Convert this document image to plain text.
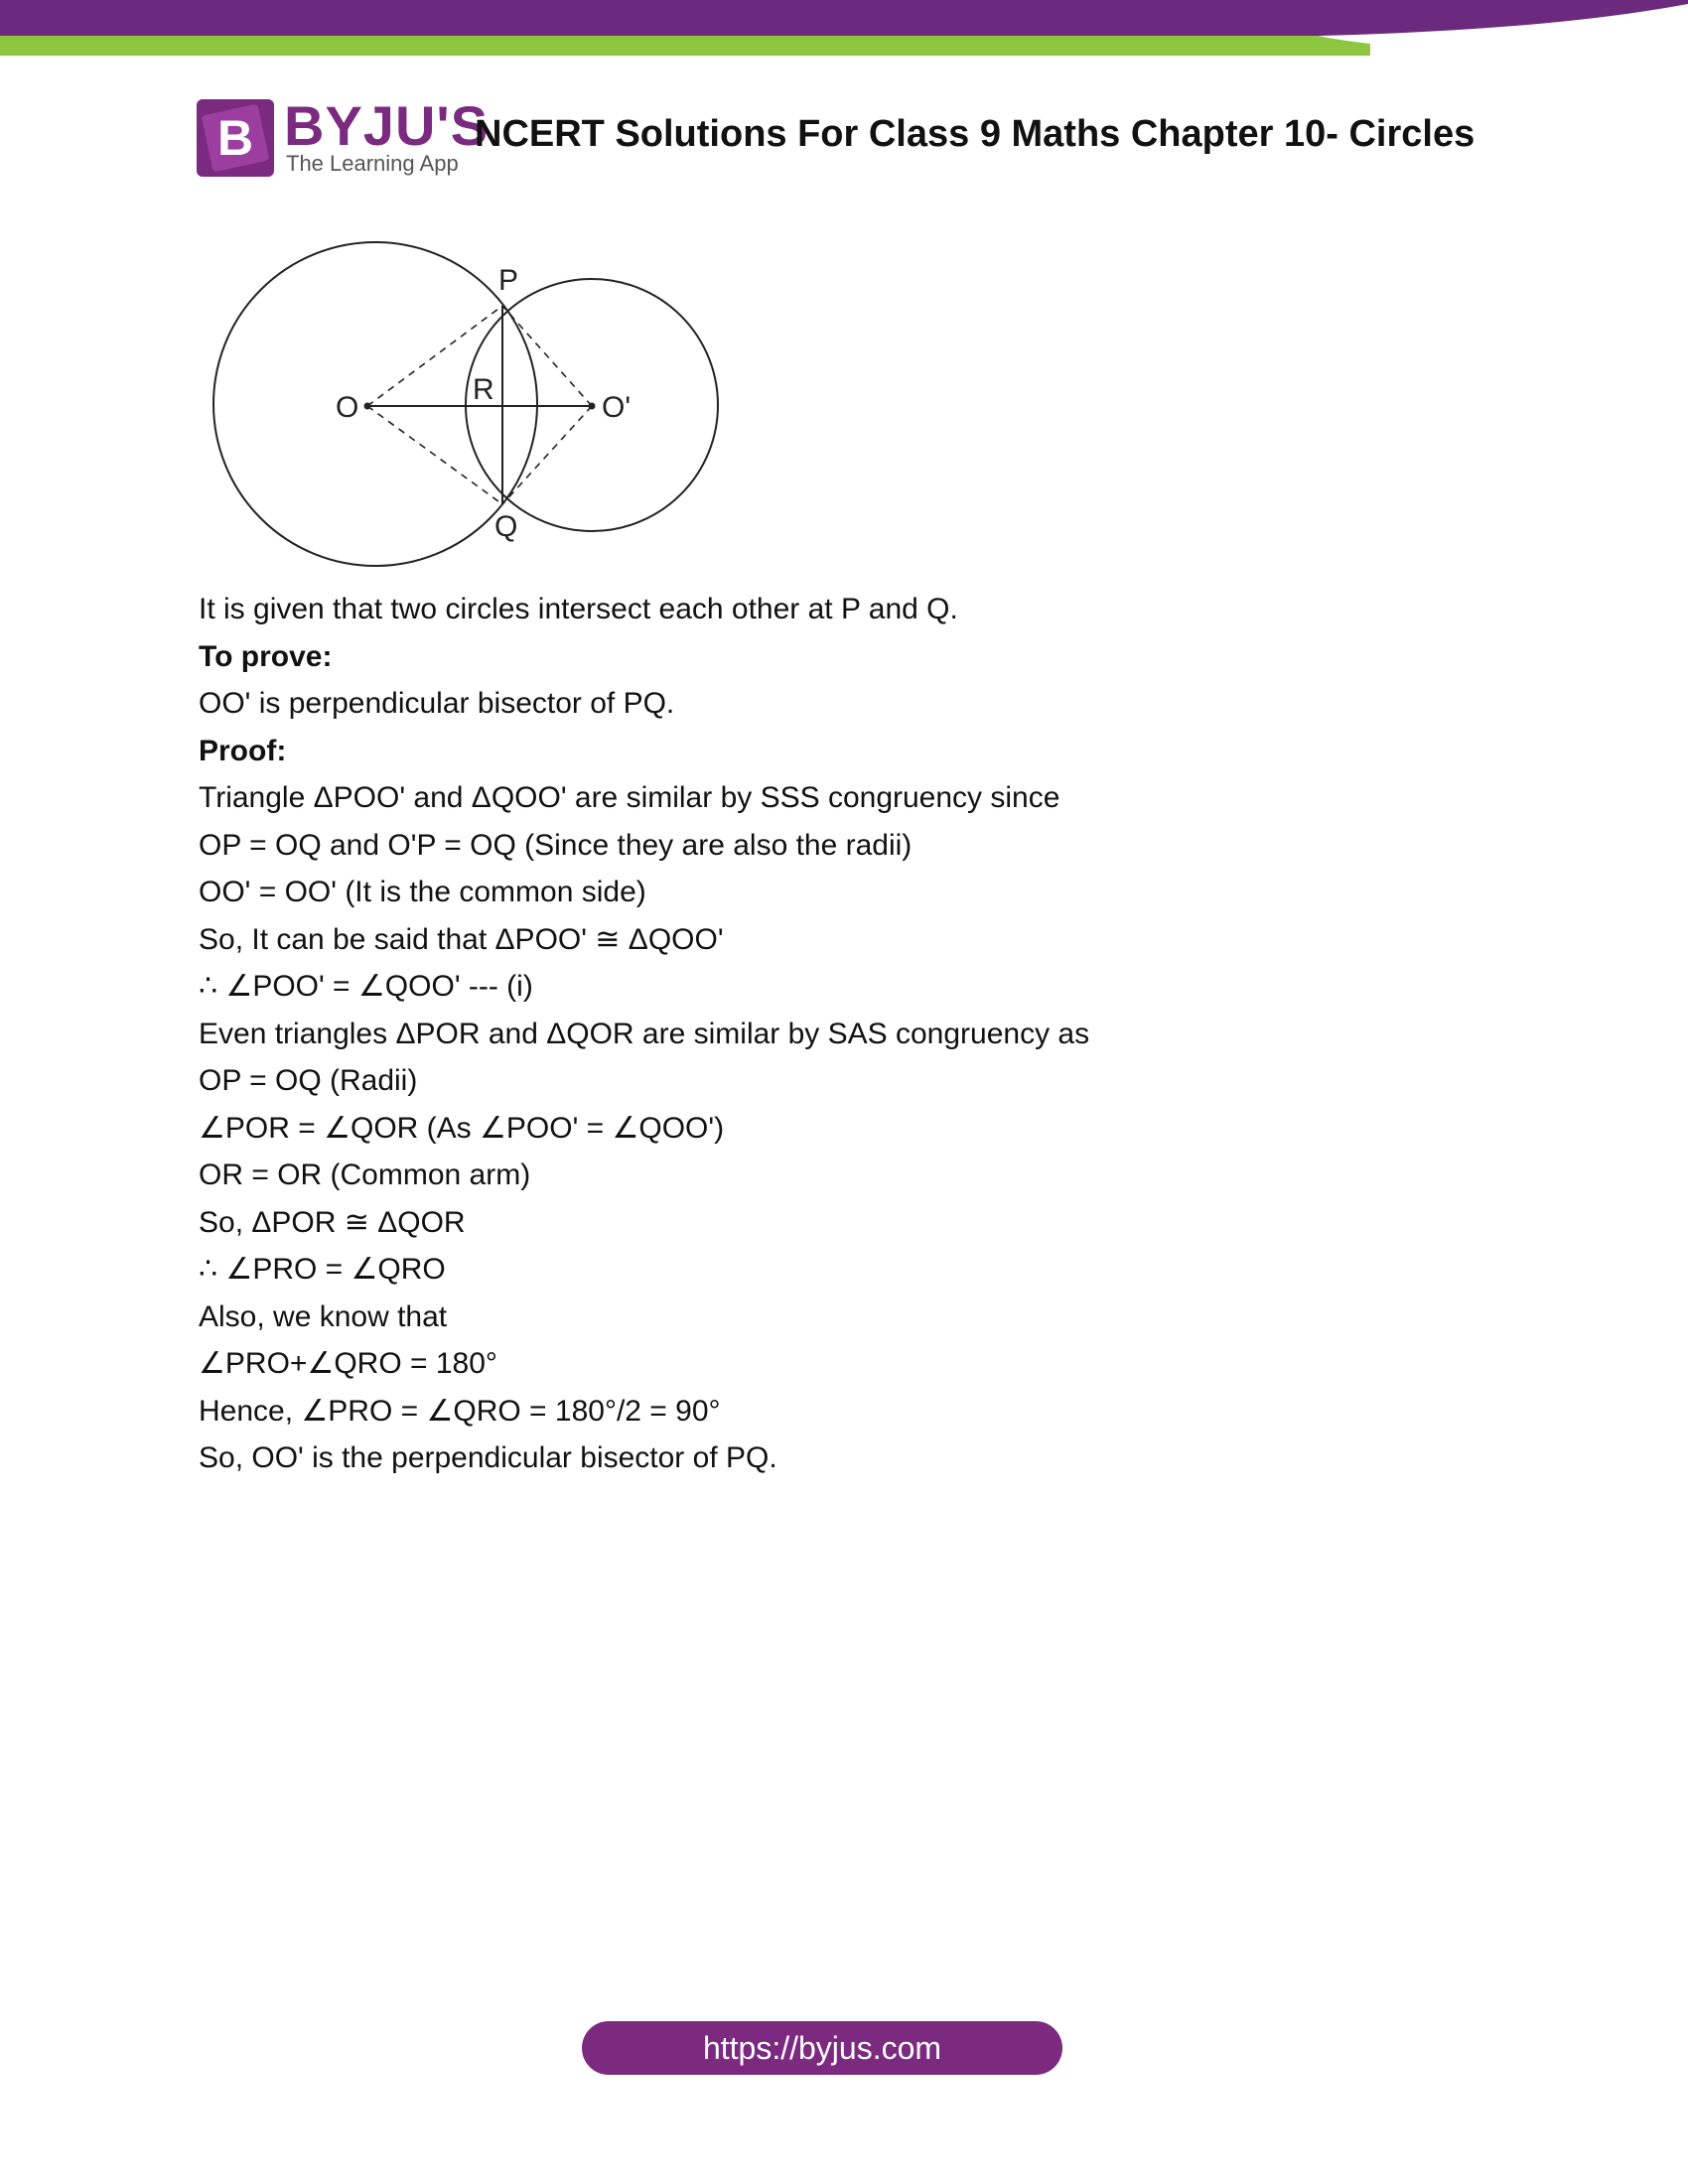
B BYJU'S
The Learning App
NCERT Solutions For Class 9 Maths Chapter 10- Circles
P
Q
R
O	O'
It is given that two circles intersect each other at P and Q.
To prove:
OO' is perpendicular bisector of PQ.
Proof:
Triangle ΔPOO' and ΔQOO' are similar by SSS congruency since
OP = OQ and O'P = OQ (Since they are also the radii)
OO' = OO' (It is the common side)
So, It can be said that ΔPOO' ≅ ΔQOO'
∴ ∠POO' = ∠QOO' --- (i)
Even triangles ΔPOR and ΔQOR are similar by SAS congruency as
OP = OQ (Radii)
∠POR = ∠QOR (As ∠POO' = ∠QOO')
OR = OR (Common arm)
So, ΔPOR ≅ ΔQOR
∴ ∠PRO = ∠QRO
Also, we know that
∠PRO+∠QRO = 180°
Hence, ∠PRO = ∠QRO = 180°/2 = 90°
So, OO' is the perpendicular bisector of PQ.
https://byjus.com
